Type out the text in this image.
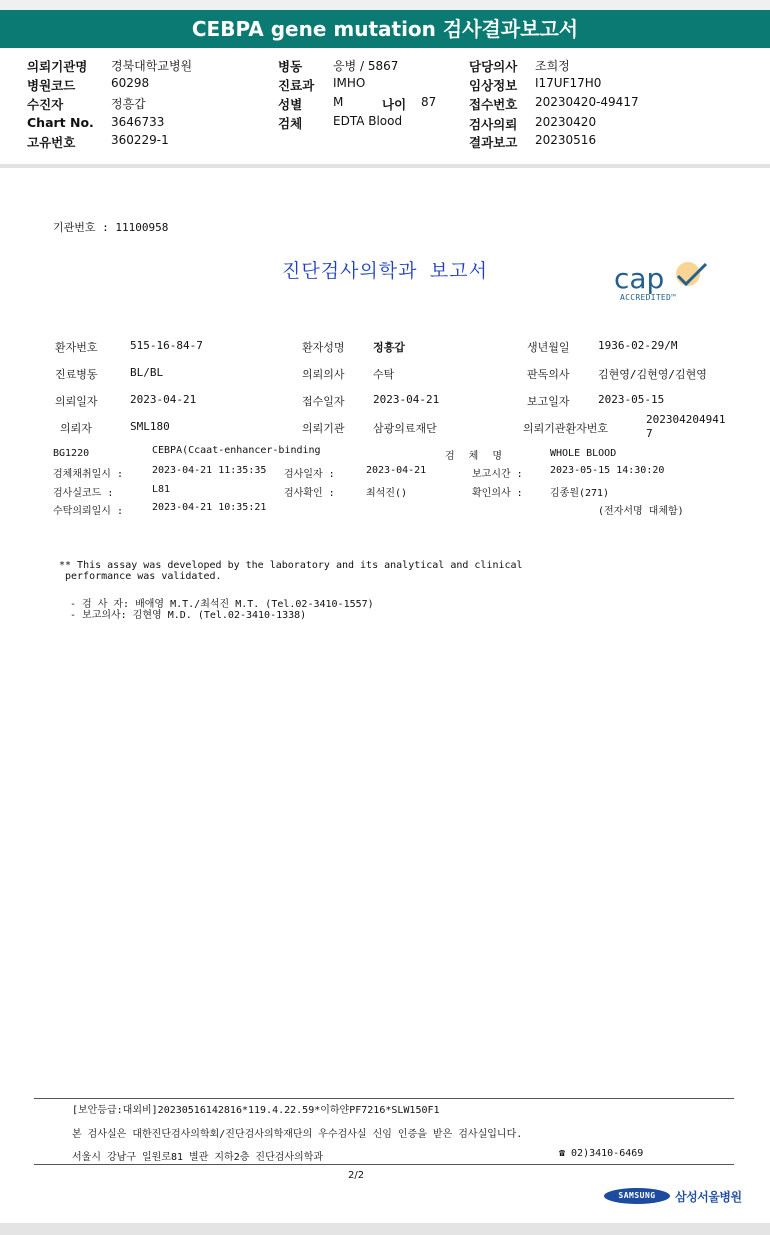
CEBPA gene mutation 검사결과보고서
의뢰기관명 경북대학교병원
병원코드	60298
수진자	정흥갑
Chart No. 3646733
고유번호	360229-1
병동	응병 / 5867
진료과 IMHO
성별	M	나이 87
검체	EDTA Blood
담당의사 조희정
임상정보 I17UF17H0
접수번호 20230420-49417
검사의뢰 20230420
결과보고 20230516
기관번호 : 11100958
진단검사의학과 보고서	cap
ACCREDITED™
환자번호	515-16-84-7	환자성명	정흥갑	생년월일	1936-02-29/M
진료병동	BL/BL	의뢰의사	수탁	판독의사	김현영/김현영/김현영
의뢰일자	2023-04-21	접수일자	2023-04-21	보고일자	2023-05-15
의뢰자	SML180	의뢰기관	삼광의료재단	의뢰기관환자번호
202304204941
7
BG1220	CEBPA(Ccaat-enhancer-binding
검 체 명	WHOLE BLOOD
검체채취일시 :	2023-04-21 11:35:35 검사일자 :	2023-04-21	보고시간 :	2023-05-15 14:30:20
검사실코드 :	L81	검사확인 :	최석진()	확인의사 :	김종원(271)
수탁의뢰일시 :	2023-04-21 10:35:21	(전자서명 대체함)
** This assay was developed by the laboratory and its analytical and clinical
performance was validated.
- 검 사 자: 배애영 M.T./최석진 M.T. (Tel.02-3410-1557)
- 보고의사: 김현영 M.D. (Tel.02-3410-1338)
[보안등급:대외비]20230516142816*119.4.22.59*이하얀PF7216*SLW150F1
본 검사실은 대한진단검사의학회/진단검사의학재단의 우수검사실 신임 인증을 받은 검사실입니다.
서울시 강남구 일원로81 별관 지하2층 진단검사의학과	☎ 02)3410-6469
2/2
SAMSUNG	삼성서울병원
